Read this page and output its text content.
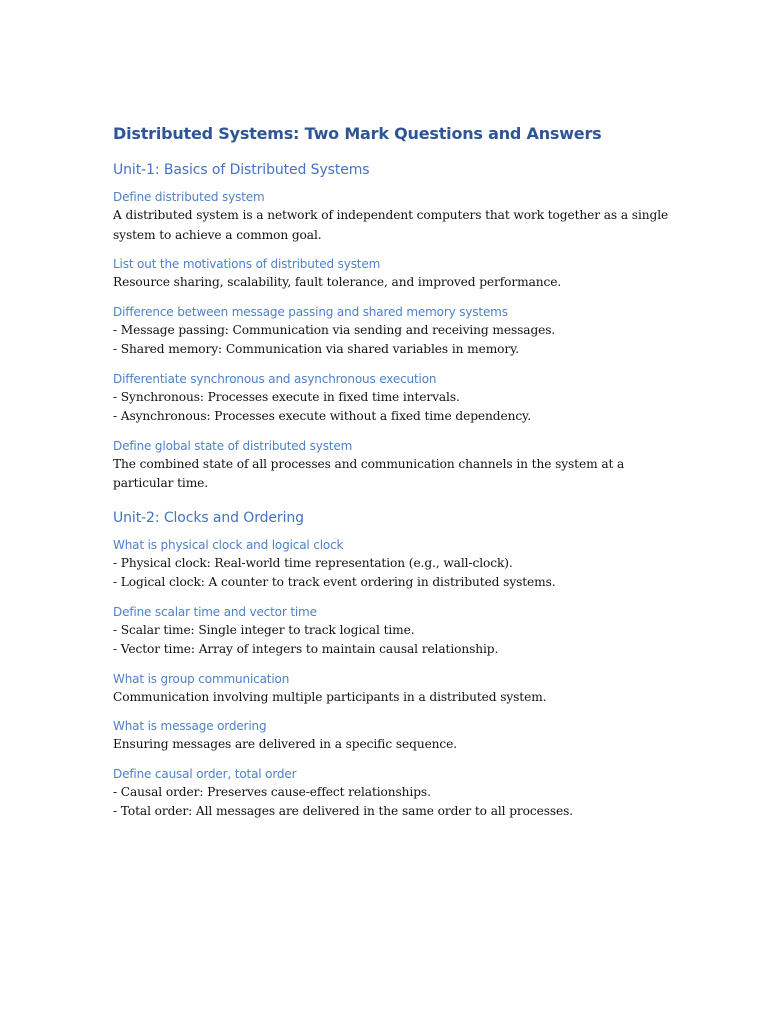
Distributed Systems: Two Mark Questions and Answers
Unit-1: Basics of Distributed Systems
Define distributed system
A distributed system is a network of independent computers that work together as a single
system to achieve a common goal.
List out the motivations of distributed system
Resource sharing, scalability, fault tolerance, and improved performance.
Difference between message passing and shared memory systems
- Message passing: Communication via sending and receiving messages.
- Shared memory: Communication via shared variables in memory.
Differentiate synchronous and asynchronous execution
- Synchronous: Processes execute in fixed time intervals.
- Asynchronous: Processes execute without a fixed time dependency.
Define global state of distributed system
The combined state of all processes and communication channels in the system at a
particular time.
Unit-2: Clocks and Ordering
What is physical clock and logical clock
- Physical clock: Real-world time representation (e.g., wall-clock).
- Logical clock: A counter to track event ordering in distributed systems.
Define scalar time and vector time
- Scalar time: Single integer to track logical time.
- Vector time: Array of integers to maintain causal relationship.
What is group communication
Communication involving multiple participants in a distributed system.
What is message ordering
Ensuring messages are delivered in a specific sequence.
Define causal order, total order
- Causal order: Preserves cause-effect relationships.
- Total order: All messages are delivered in the same order to all processes.
